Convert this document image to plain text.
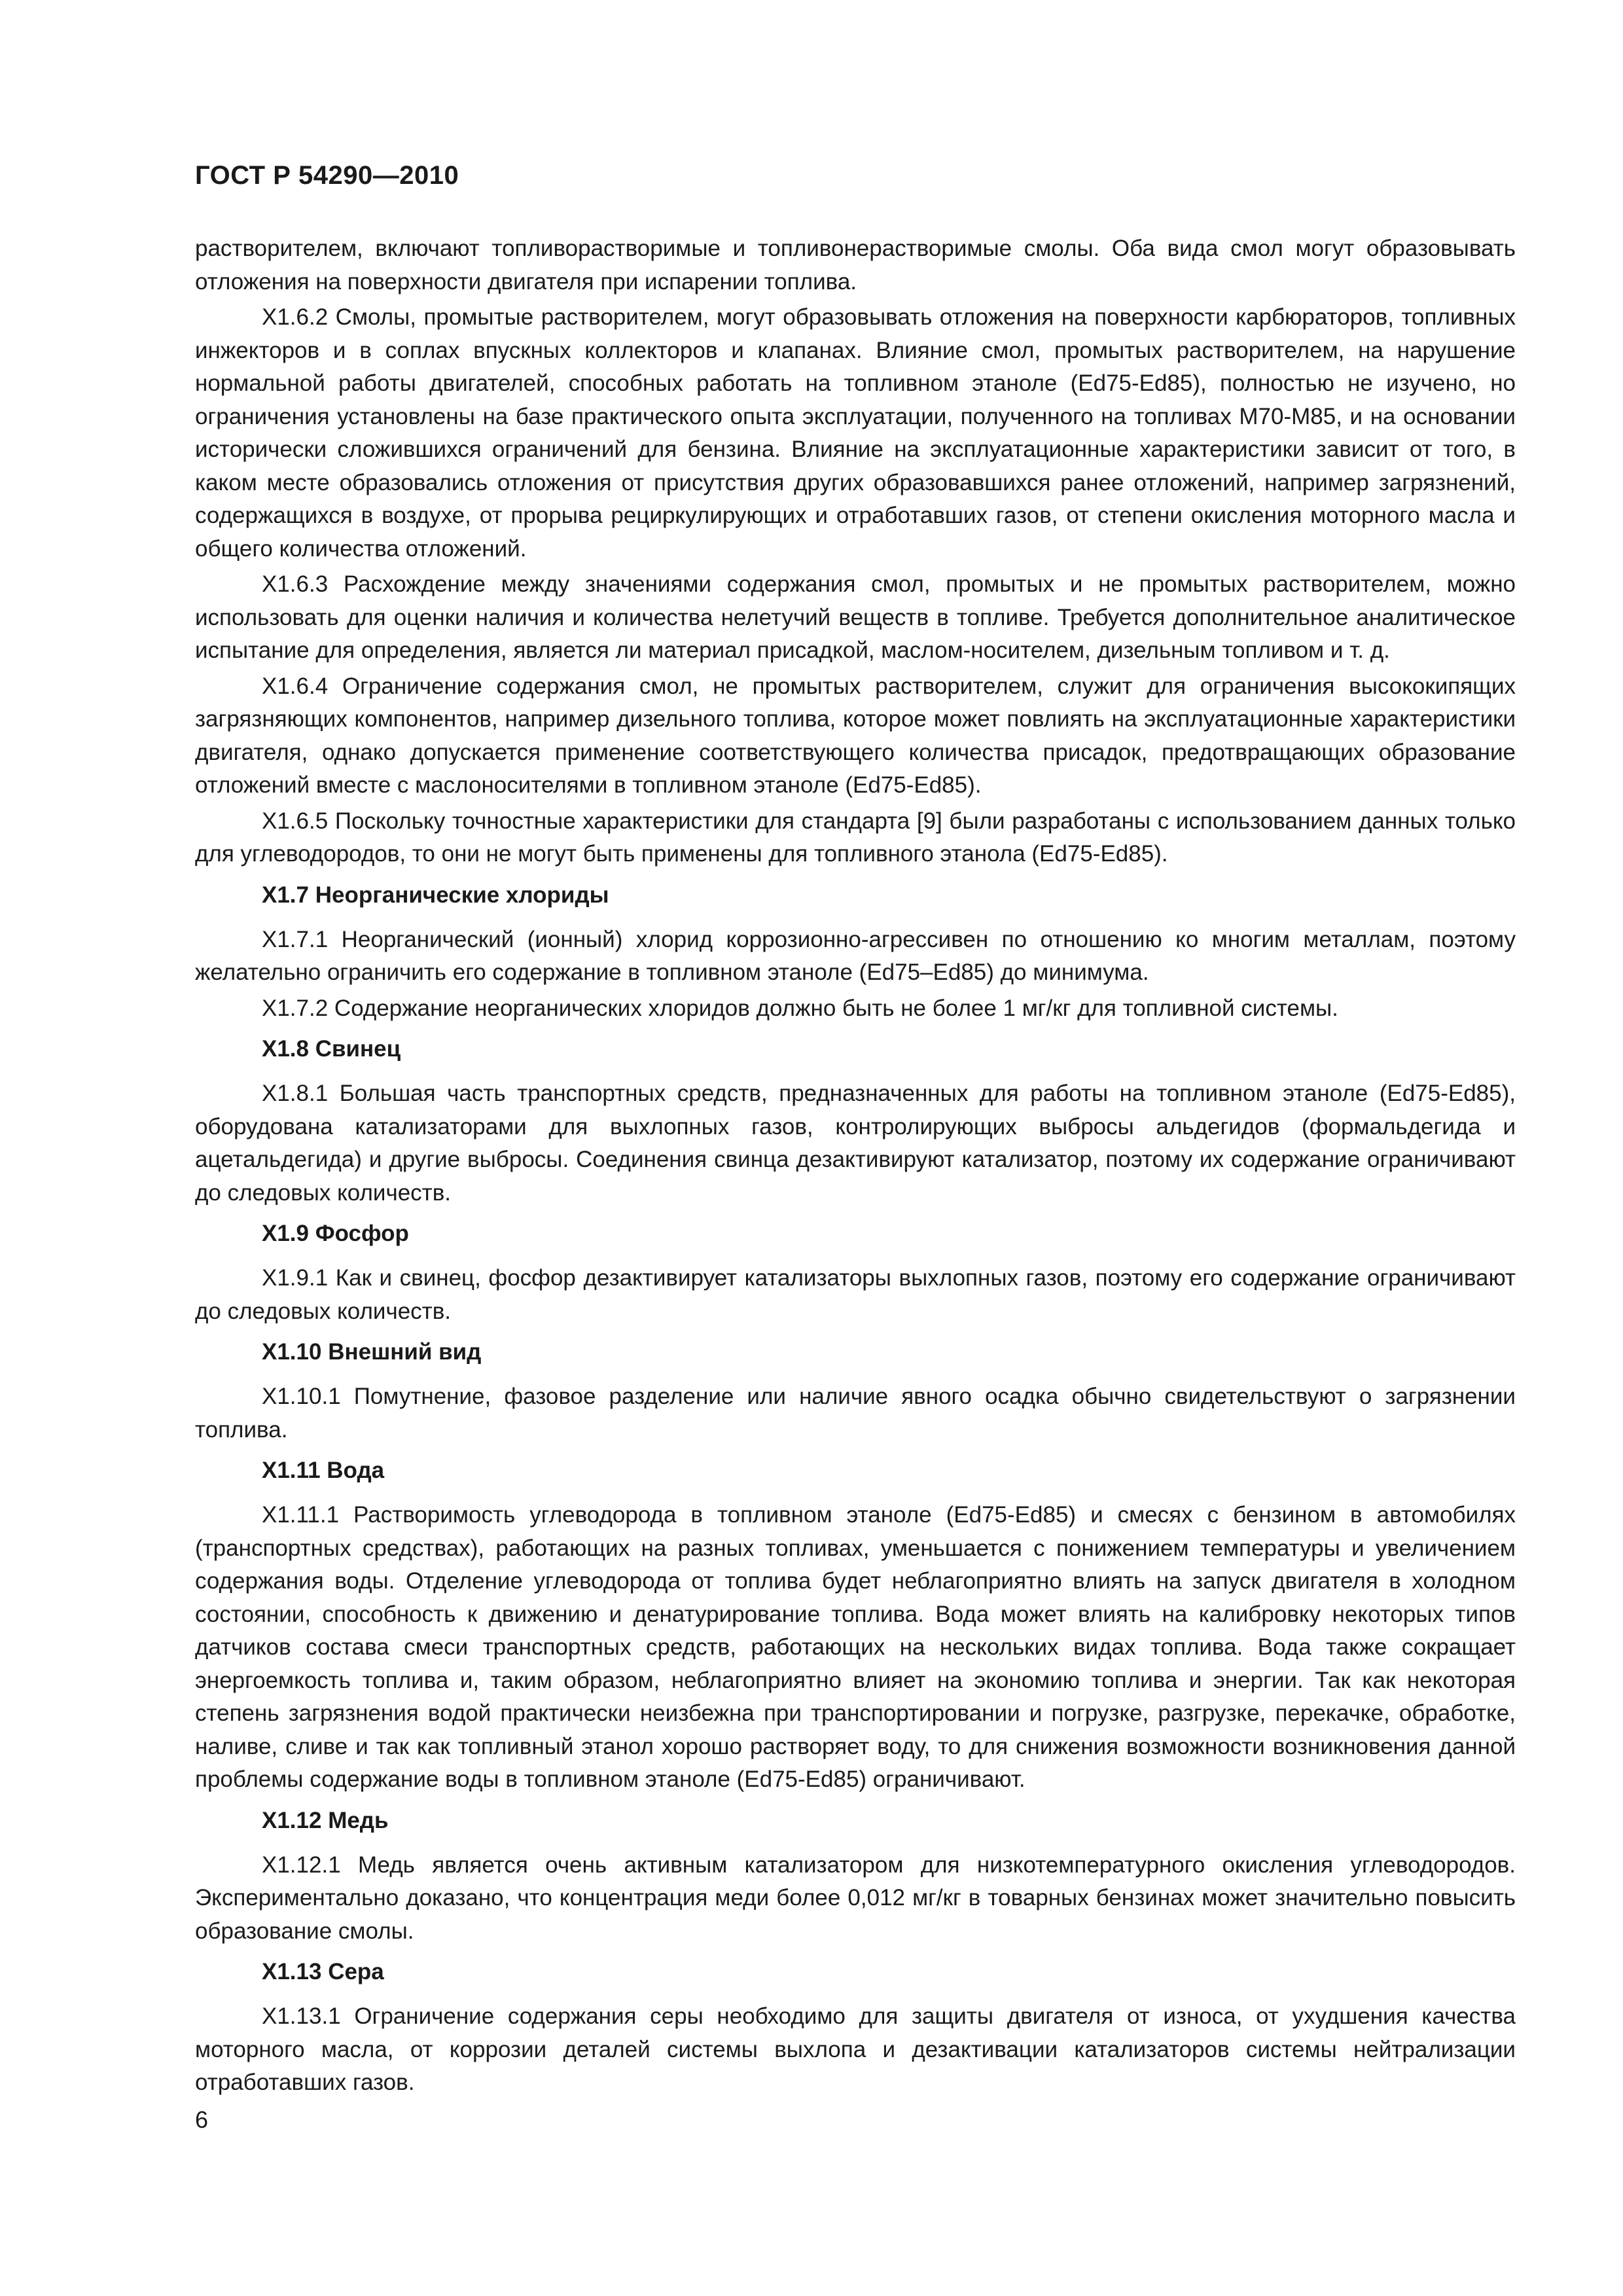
ГОСТ Р 54290—2010

растворителем, включают топливорастворимые и топливонерастворимые смолы. Оба вида смол могут образовывать отложения на поверхности двигателя при испарении топлива.

Х1.6.2 Смолы, промытые растворителем, могут образовывать отложения на поверхности карбюраторов, топливных инжекторов и в соплах впускных коллекторов и клапанах. Влияние смол, промытых растворителем, на нарушение нормальной работы двигателей, способных работать на топливном этаноле (Ed75-Ed85), полностью не изучено, но ограничения установлены на базе практического опыта эксплуатации, полученного на топливах М70-М85, и на основании исторически сложившихся ограничений для бензина. Влияние на эксплуатационные характеристики зависит от того, в каком месте образовались отложения от присутствия других образовавшихся ранее отложений, например загрязнений, содержащихся в воздухе, от прорыва рециркулирующих и отработавших газов, от степени окисления моторного масла и общего количества отложений.

Х1.6.3 Расхождение между значениями содержания смол, промытых и не промытых растворителем, можно использовать для оценки наличия и количества нелетучий веществ в топливе. Требуется дополнительное аналитическое испытание для определения, является ли материал присадкой, маслом-носителем, дизельным топливом и т. д.

Х1.6.4 Ограничение содержания смол, не промытых растворителем, служит для ограничения высококипящих загрязняющих компонентов, например дизельного топлива, которое может повлиять на эксплуатационные характеристики двигателя, однако допускается применение соответствующего количества присадок, предотвращающих образование отложений вместе с маслоносителями в топливном этаноле (Ed75-Ed85).

Х1.6.5 Поскольку точностные характеристики для стандарта [9] были разработаны с использованием данных только для углеводородов, то они не могут быть применены для топливного этанола (Ed75-Ed85).

Х1.7 Неорганические хлориды

Х1.7.1 Неорганический (ионный) хлорид коррозионно-агрессивен по отношению ко многим металлам, поэтому желательно ограничить его содержание в топливном этаноле (Ed75–Ed85) до минимума.

Х1.7.2 Содержание неорганических хлоридов должно быть не более 1 мг/кг для топливной системы.

Х1.8 Свинец

Х1.8.1 Большая часть транспортных средств, предназначенных для работы на топливном этаноле (Ed75-Ed85), оборудована катализаторами для выхлопных газов, контролирующих выбросы альдегидов (формальдегида и ацетальдегида) и другие выбросы. Соединения свинца дезактивируют катализатор, поэтому их содержание ограничивают до следовых количеств.

Х1.9 Фосфор

Х1.9.1 Как и свинец, фосфор дезактивирует катализаторы выхлопных газов, поэтому его содержание ограничивают до следовых количеств.

Х1.10 Внешний вид

Х1.10.1 Помутнение, фазовое разделение или наличие явного осадка обычно свидетельствуют о загрязнении топлива.

Х1.11 Вода

Х1.11.1 Растворимость углеводорода в топливном этаноле (Ed75-Ed85) и смесях с бензином в автомобилях (транспортных средствах), работающих на разных топливах, уменьшается с понижением температуры и увеличением содержания воды. Отделение углеводорода от топлива будет неблагоприятно влиять на запуск двигателя в холодном состоянии, способность к движению и денатурирование топлива. Вода может влиять на калибровку некоторых типов датчиков состава смеси транспортных средств, работающих на нескольких видах топлива. Вода также сокращает энергоемкость топлива и, таким образом, неблагоприятно влияет на экономию топлива и энергии. Так как некоторая степень загрязнения водой практически неизбежна при транспортировании и погрузке, разгрузке, перекачке, обработке, наливе, сливе и так как топливный этанол хорошо растворяет воду, то для снижения возможности возникновения данной проблемы содержание воды в топливном этаноле (Ed75-Ed85) ограничивают.

Х1.12 Медь

Х1.12.1 Медь является очень активным катализатором для низкотемпературного окисления углеводородов. Экспериментально доказано, что концентрация меди более 0,012 мг/кг в товарных бензинах может значительно повысить образование смолы.

Х1.13 Сера

Х1.13.1 Ограничение содержания серы необходимо для защиты двигателя от износа, от ухудшения качества моторного масла, от коррозии деталей системы выхлопа и дезактивации катализаторов системы нейтрализации отработавших газов.

6
